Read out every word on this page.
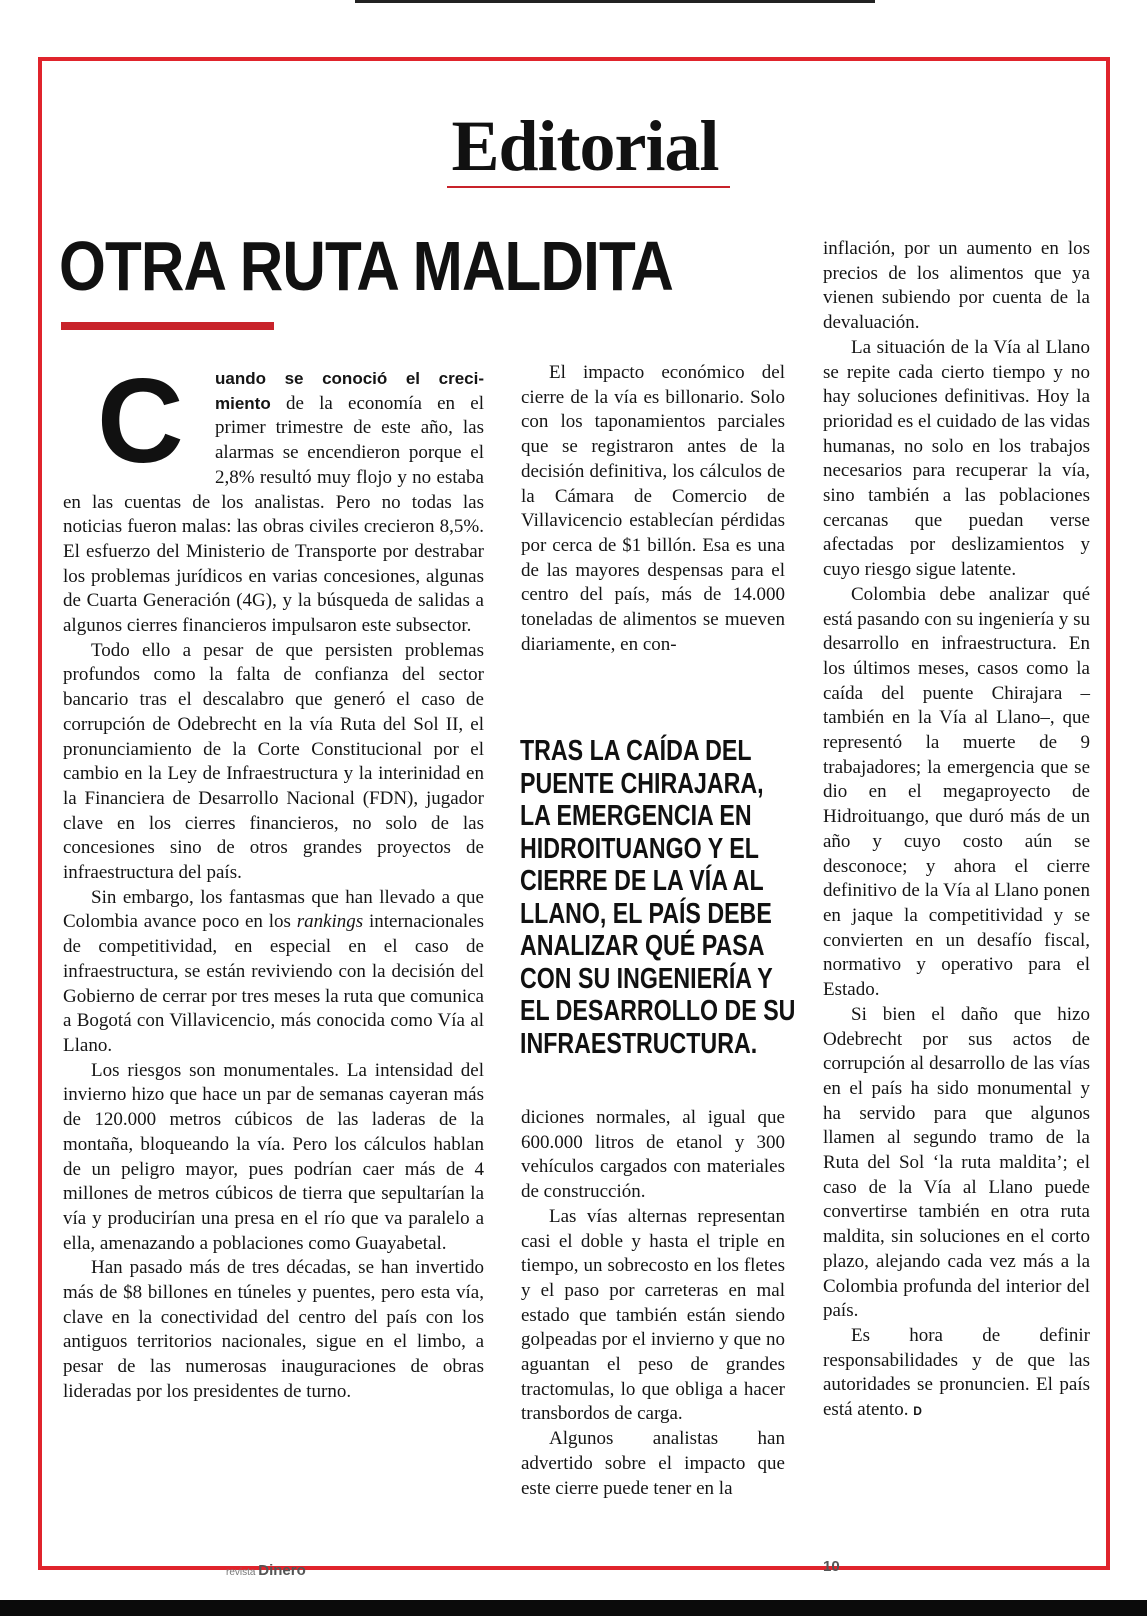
Editorial
OTRA RUTA MALDITA

C	uando se conoció el creci- miento de la economía en el primer trimestre de este año, las alarmas se encendieron porque el 2,8% resultó muy flojo y no estaba en las cuentas de los analistas. Pero no todas las noticias fueron malas: las obras civiles crecieron 8,5%. El esfuerzo del Ministerio de Transporte por destrabar los problemas jurídicos en varias concesiones, algunas de Cuarta Generación (4G), y la búsqueda de salidas a algunos cierres financieros impulsaron este subsector.

Todo ello a pesar de que persisten problemas profundos como la falta de confianza del sector bancario tras el descalabro que generó el caso de corrupción de Odebrecht en la vía Ruta del Sol II, el pronunciamiento de la Corte Constitucional por el cambio en la Ley de Infraestructura y la interinidad en la Financiera de Desarrollo Nacional (FDN), jugador clave en los cierres financieros, no solo de las concesiones sino de otros grandes proyectos de infraestructura del país.

Sin embargo, los fantasmas que han llevado a que Colombia avance poco en los rankings internacionales de competitividad, en especial en el caso de infraestructura, se están reviviendo con la decisión del Gobierno de cerrar por tres meses la ruta que comunica a Bogotá con Villavicencio, más conocida como Vía al Llano.

Los riesgos son monumentales. La intensidad del invierno hizo que hace un par de semanas cayeran más de 120.000 metros cúbicos de las laderas de la montaña, bloqueando la vía. Pero los cálculos hablan de un peligro mayor, pues podrían caer más de 4 millones de metros cúbicos de tierra que sepultarían la vía y producirían una presa en el río que va paralelo a ella, amenazando a poblaciones como Guayabetal.

Han pasado más de tres décadas, se han invertido más de $8 billones en túneles y puentes, pero esta vía, clave en la conectividad del centro del país con los antiguos territorios nacionales, sigue en el limbo, a pesar de las numerosas inauguraciones de obras lideradas por los presidentes de turno.

El impacto económico del cierre de la vía es billonario. Solo con los taponamientos parciales que se registraron antes de la decisión definitiva, los cálculos de la Cámara de Comercio de Villavicencio establecían pérdidas por cerca de $1 billón. Esa es una de las mayores despensas para el centro del país, más de 14.000 toneladas de alimentos se mueven diariamente, en con-

TRAS LA CAÍDA DEL
PUENTE CHIRAJARA,
LA EMERGENCIA EN
HIDROITUANGO Y EL
CIERRE DE LA VÍA AL
LLANO, EL PAÍS DEBE
ANALIZAR QUÉ PASA
CON SU INGENIERÍA Y
EL DESARROLLO DE SU
INFRAESTRUCTURA.

diciones normales, al igual que 600.000 litros de etanol y 300 vehículos cargados con materiales de construcción.

Las vías alternas representan casi el doble y hasta el triple en tiempo, un sobrecosto en los fletes y el paso por carreteras en mal estado que también están siendo golpeadas por el invierno y que no aguantan el peso de grandes tractomulas, lo que obliga a hacer transbordos de carga.

Algunos analistas han advertido sobre el impacto que este cierre puede tener en la

inflación, por un aumento en los precios de los alimentos que ya vienen subiendo por cuenta de la devaluación.

La situación de la Vía al Llano se repite cada cierto tiempo y no hay soluciones definitivas. Hoy la prioridad es el cuidado de las vidas humanas, no solo en los trabajos necesarios para recuperar la vía, sino también a las poblaciones cercanas que puedan verse afectadas por deslizamientos y cuyo riesgo sigue latente.

Colombia debe analizar qué está pasando con su ingeniería y su desarrollo en infraestructura. En los últimos meses, casos como la caída del puente Chirajara –también en la Vía al Llano–, que representó la muerte de 9 trabajadores; la emergencia que se dio en el megaproyecto de Hidroituango, que duró más de un año y cuyo costo aún se desconoce; y ahora el cierre definitivo de la Vía al Llano ponen en jaque la competitividad y se convierten en un desafío fiscal, normativo y operativo para el Estado.

Si bien el daño que hizo Odebrecht por sus actos de corrupción al desarrollo de las vías en el país ha sido monumental y ha servido para que algunos llamen al segundo tramo de la Ruta del Sol ‘la ruta maldita’; el caso de la Vía al Llano puede convertirse también en otra ruta maldita, sin soluciones en el corto plazo, alejando cada vez más a la Colombia profunda del interior del país.

Es hora de definir responsabilidades y de que las autoridades se pronuncien. El país está atento. D

revista Dinero	10
